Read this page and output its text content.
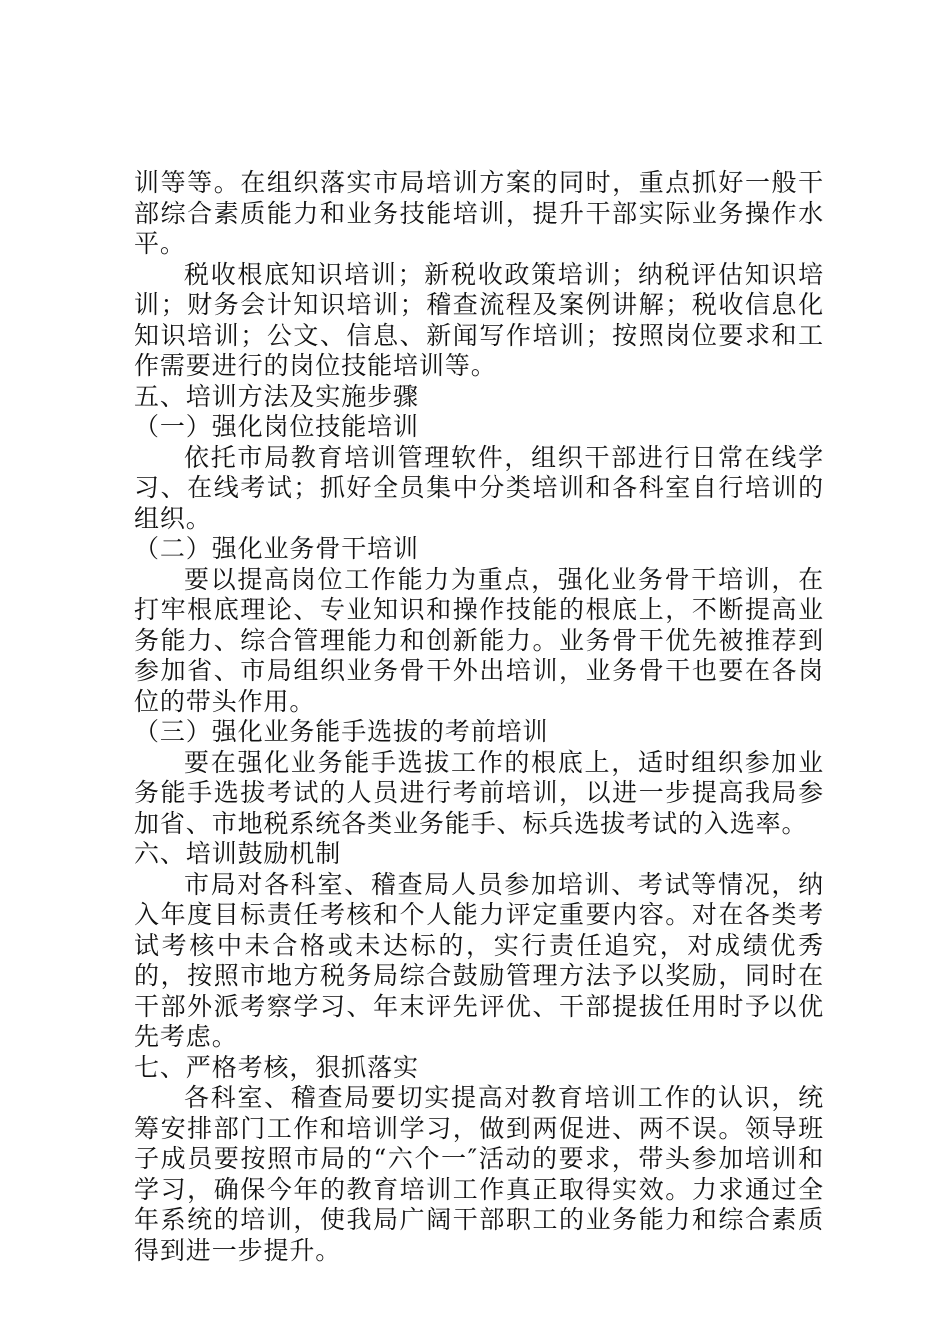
训等等。在组织落实市局培训方案的同时，重点抓好一般干部综合素质能力和业务技能培训，提升干部实际业务操作水平。

税收根底知识培训；新税收政策培训；纳税评估知识培训；财务会计知识培训；稽查流程及案例讲解；税收信息化知识培训；公文、信息、新闻写作培训；按照岗位要求和工作需要进行的岗位技能培训等。

五、培训方法及实施步骤

（一）强化岗位技能培训

依托市局教育培训管理软件，组织干部进行日常在线学习、在线考试；抓好全员集中分类培训和各科室自行培训的组织。

（二）强化业务骨干培训

要以提高岗位工作能力为重点，强化业务骨干培训，在打牢根底理论、专业知识和操作技能的根底上，不断提高业务能力、综合管理能力和创新能力。业务骨干优先被推荐到参加省、市局组织业务骨干外出培训，业务骨干也要在各岗位的带头作用。

（三）强化业务能手选拔的考前培训

要在强化业务能手选拔工作的根底上，适时组织参加业务能手选拔考试的人员进行考前培训，以进一步提高我局参加省、市地税系统各类业务能手、标兵选拔考试的入选率。

六、培训鼓励机制

市局对各科室、稽查局人员参加培训、考试等情况，纳入年度目标责任考核和个人能力评定重要内容。对在各类考试考核中未合格或未达标的，实行责任追究，对成绩优秀的，按照市地方税务局综合鼓励管理方法予以奖励，同时在干部外派考察学习、年末评先评优、干部提拔任用时予以优先考虑。

七、严格考核，狠抓落实

各科室、稽查局要切实提高对教育培训工作的认识，统筹安排部门工作和培训学习，做到两促进、两不误。领导班子成员要按照市局的“六个一″活动的要求，带头参加培训和学习，确保今年的教育培训工作真正取得实效。力求通过全年系统的培训，使我局广阔干部职工的业务能力和综合素质得到进一步提升。
